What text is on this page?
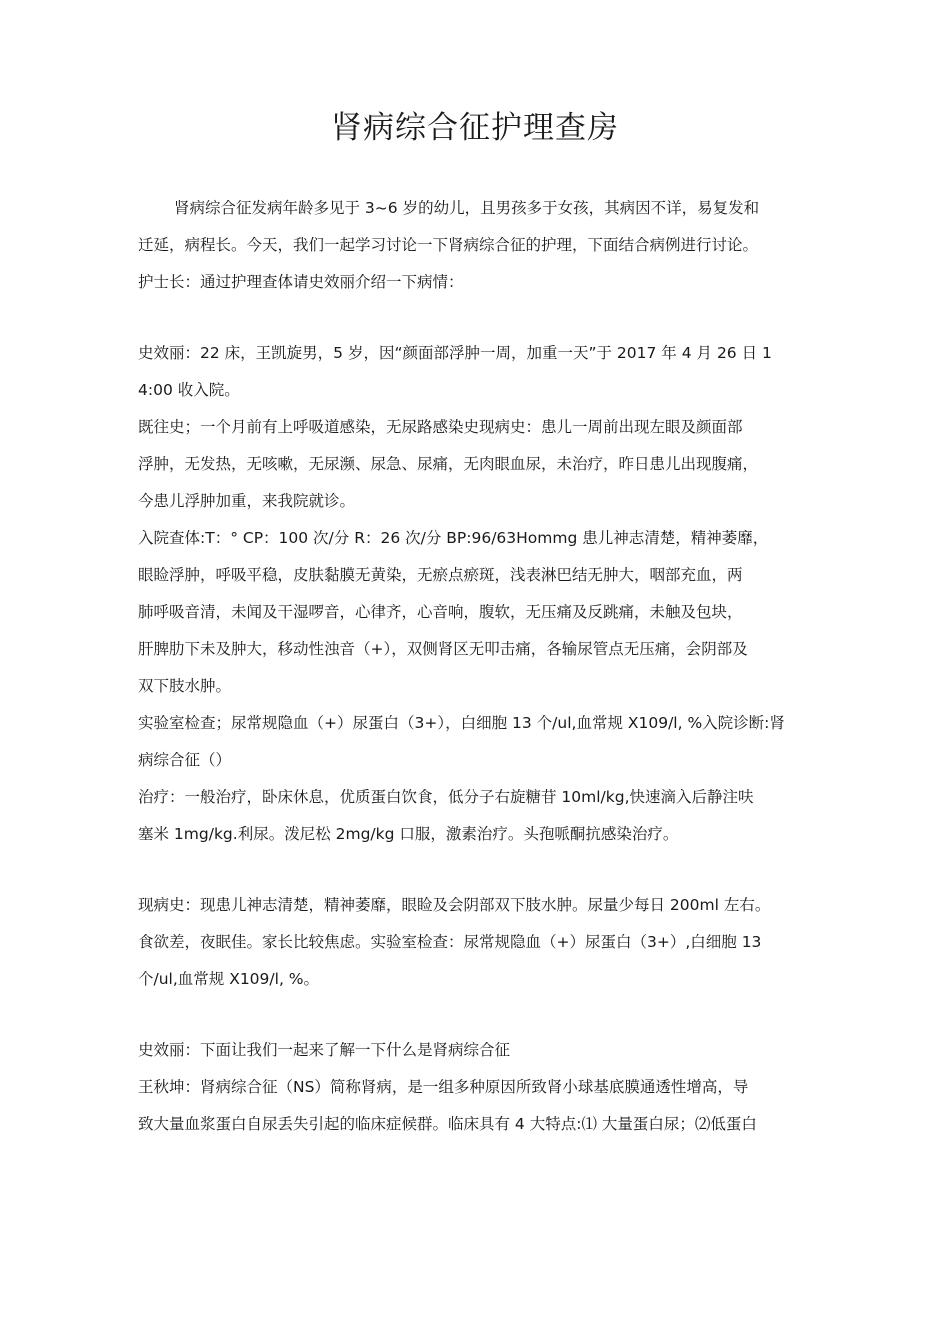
肾病综合征护理查房
肾病综合征发病年龄多见于 3~6 岁的幼儿，且男孩多于女孩，其病因不详，易复发和
迁延，病程长。今天，我们一起学习讨论一下肾病综合征的护理，下面结合病例进行讨论。
护士长：通过护理查体请史效丽介绍一下病情：
史效丽：22 床，王凯旋男，5 岁，因“颜面部浮肿一周，加重一天”于 2017 年 4 月 26 日 1
4:00 收入院。
既往史；一个月前有上呼吸道感染，无尿路感染史现病史：患儿一周前出现左眼及颜面部
浮肿，无发热，无咳嗽，无尿濒、尿急、尿痛，无肉眼血尿，未治疗，昨日患儿出现腹痛，
今患儿浮肿加重，来我院就诊。
入院查体:T：° CP：100 次/分 R：26 次/分 BP:96/63Hommg 患儿神志清楚，精神萎靡，
眼睑浮肿，呼吸平稳，皮肤黏膜无黄染，无瘀点瘀斑，浅表淋巴结无肿大，咽部充血，两
肺呼吸音清，未闻及干湿啰音，心律齐，心音响，腹软，无压痛及反跳痛，未触及包块，
肝脾肋下未及肿大，移动性浊音（+），双侧肾区无叩击痛，各输尿管点无压痛，会阴部及
双下肢水肿。
实验室检查；尿常规隐血（+）尿蛋白（3+），白细胞 13 个/ul,血常规 X109/l, %入院诊断:肾
病综合征（）
治疗：一般治疗，卧床休息，优质蛋白饮食，低分子右旋糖苷 10ml/kg,快速滴入后静注呋
塞米 1mg/kg.利尿。泼尼松 2mg/kg 口服，激素治疗。头孢哌酮抗感染治疗。
现病史：现患儿神志清楚，精神萎靡，眼睑及会阴部双下肢水肿。尿量少每日 200ml 左右。
食欲差，夜眠佳。家长比较焦虑。实验室检查：尿常规隐血（+）尿蛋白（3+）,白细胞 13
个/ul,血常规 X109/l, %。
史效丽：下面让我们一起来了解一下什么是肾病综合征
王秋坤：肾病综合征（NS）简称肾病，是一组多种原因所致肾小球基底膜通透性增高，导
致大量血浆蛋白自尿丢失引起的临床症候群。临床具有 4 大特点:⑴ 大量蛋白尿；⑵低蛋白
